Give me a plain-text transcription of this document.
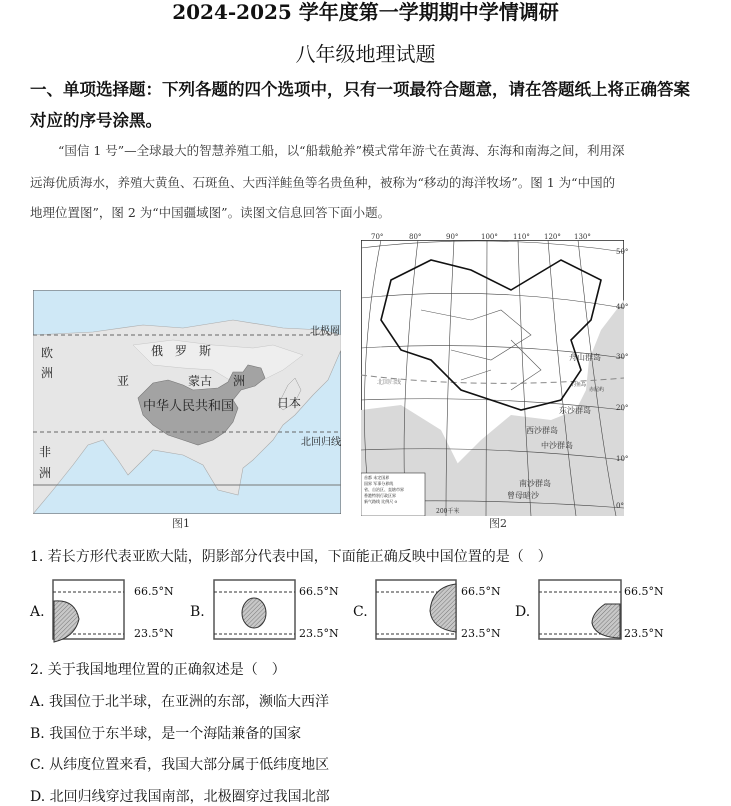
2024-2025 学年度第一学期期中学情调研
八年级地理试题
一、单项选择题：下列各题的四个选项中，只有一项最符合题意，请在答题纸上将正确答案
对应的序号涂黑。
“国信 1 号”—全球最大的智慧养殖工船，以“船载舱养”模式常年游弋在黄海、东海和南海之间，利用深
远海优质海水，养殖大黄鱼、石斑鱼、大西洋鲑鱼等名贵鱼种，被称为“移动的海洋牧场”。图 1 为“中国的
地理位置图”，图 2 为“中国疆域图”。读图文信息回答下面小题。
北极圈
欧
洲
俄　罗　斯
亚	蒙古 洲
中华人民共和国	日本
北回归线
非
洲
图1
70°	80°	90°	100° 110° 120° 130°
50°
40°
30°
20°
10°
0°
舟山群岛
钓鱼岛
赤尾屿
东沙群岛
西沙群岛
中沙群岛
南沙群岛
曾母暗沙
北回归线
首都 未定国界
国界 军事分界线
省、自治区、直辖市界
香港特别行政区界
新气路线 比例尺 0
200千米
图2
1. 若长方形代表亚欧大陆，阴影部分代表中国，下面能正确反映中国位置的是（　）
A.	B.	C.	D.
66.5°N
23.5°N
66.5°N
23.5°N
66.5°N
23.5°N
66.5°N
23.5°N
2. 关于我国地理位置的正确叙述是（　）
A. 我国位于北半球，在亚洲的东部，濒临大西洋
B. 我国位于东半球，是一个海陆兼备的国家
C. 从纬度位置来看，我国大部分属于低纬度地区
D. 北回归线穿过我国南部，北极圈穿过我国北部
